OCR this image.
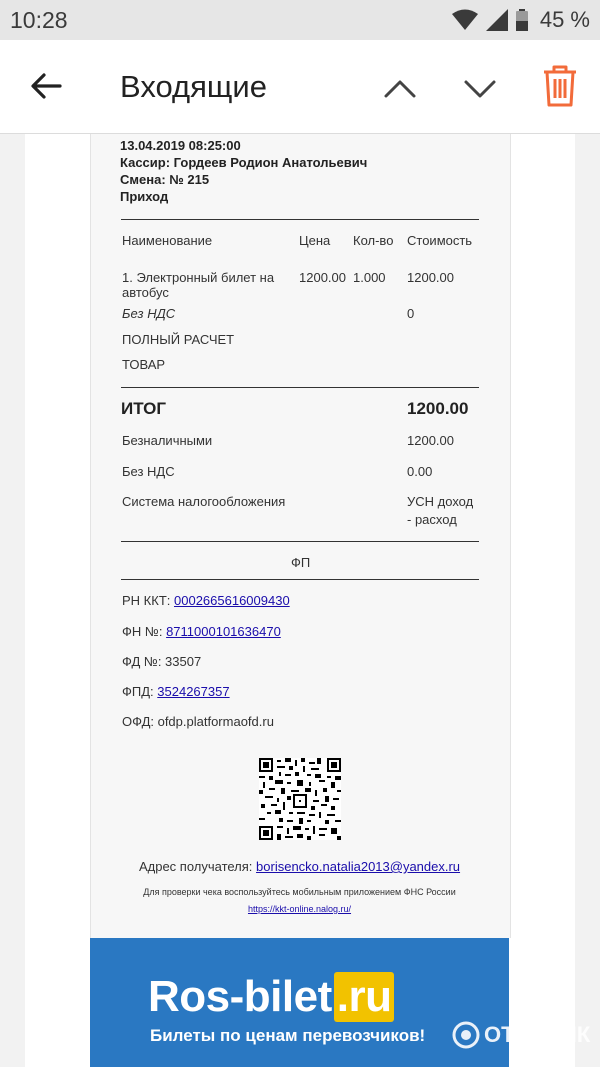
10:28	45 %
Входящие
13.04.2019 08:25:00
Кассир: Гордеев Родион Анатольевич
Смена: № 215
Приход
Наименование	Цена Кол-во Стоимость
1. Электронный билет на
автобус
1200.00 1.000 1200.00
Без НДС	0
ПОЛНЫЙ РАСЧЕТ
ТОВАР
ИТОГ	1200.00
Безналичными	1200.00
Без НДС	0.00
Система налогообложения	УСН доход
- расход
ФП
РН ККТ: 0002665616009430
ФН №: 8711000101636470
ФД №: 33507
ФПД: 3524267357
ОФД: ofdp.platformaofd.ru
Адрес получателя: borisencko.natalia2013@yandex.ru
Для проверки чека воспользуйтесь мобильным приложением ФНС России
https://kkt-online.nalog.ru/
Ros-bilet .ru
Билеты по ценам перевозчиков!	ОТЗОВИК
